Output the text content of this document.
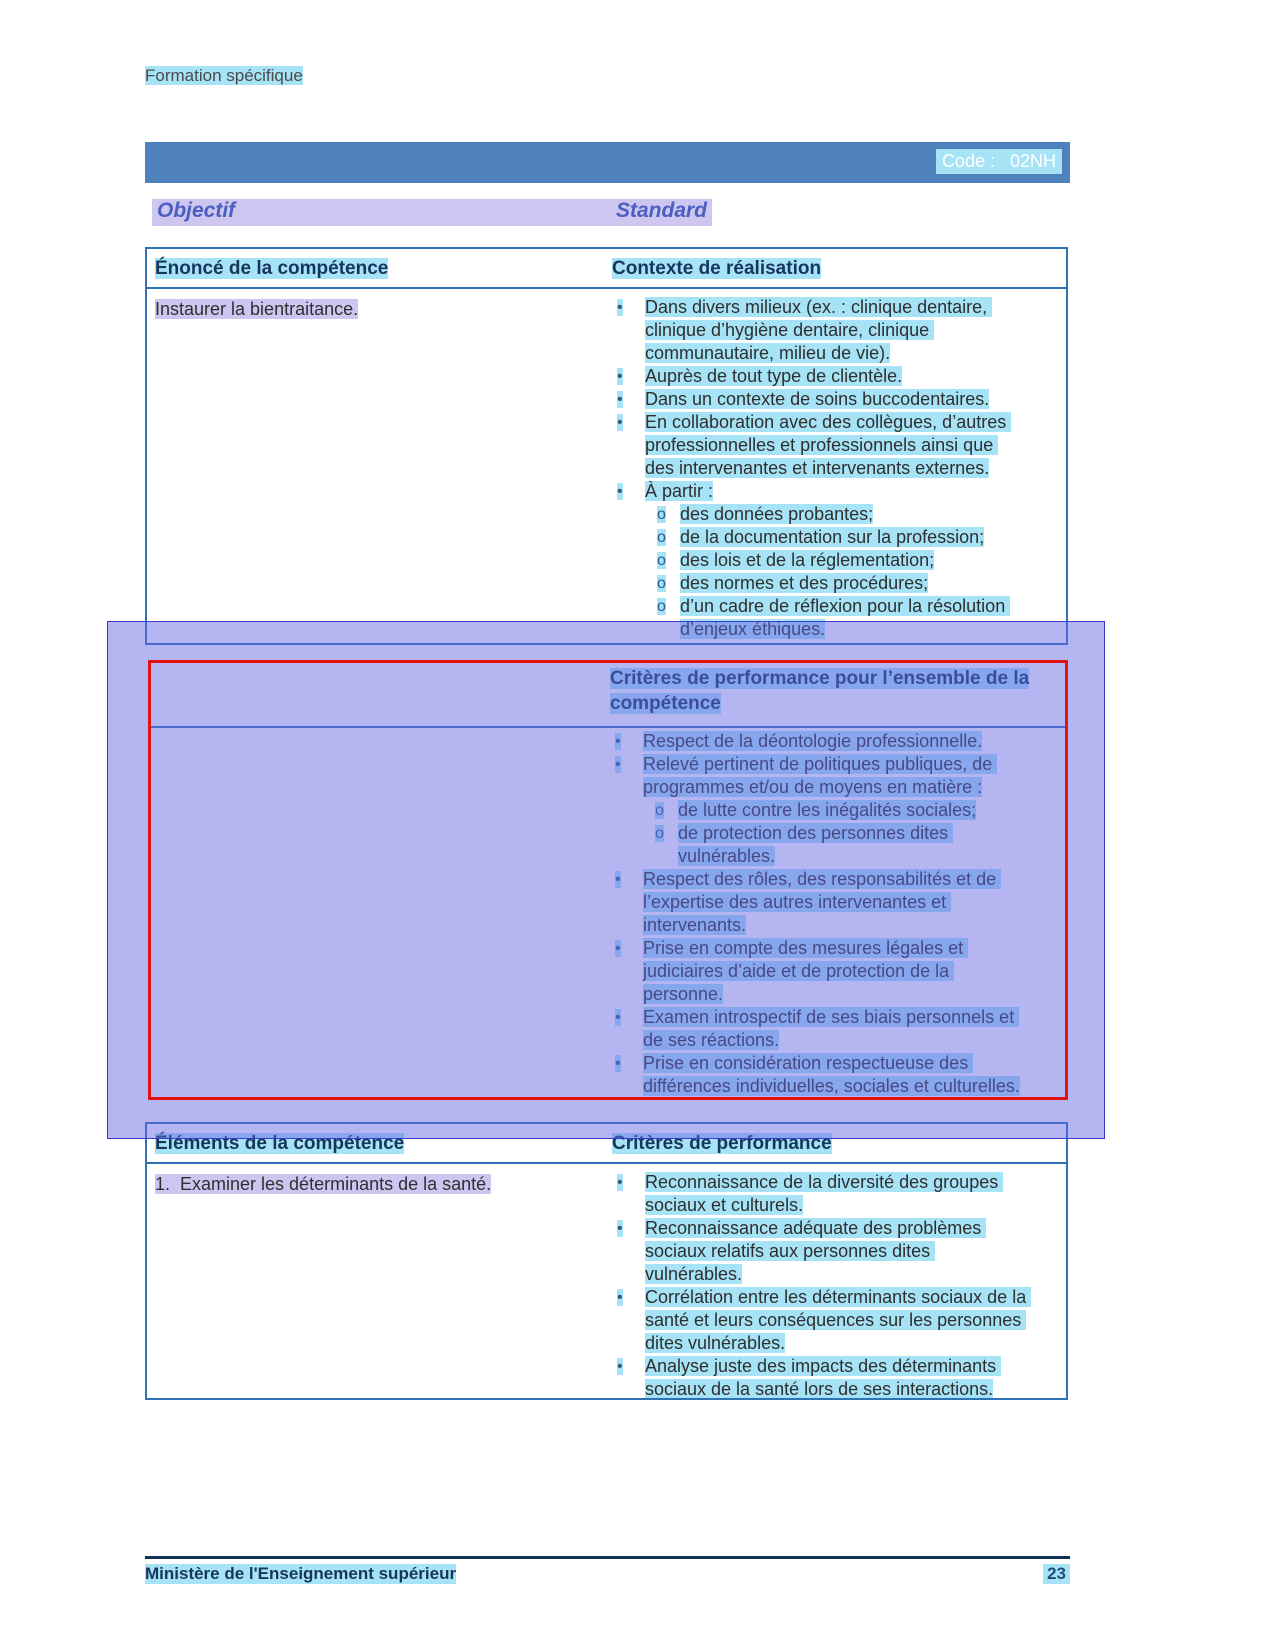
Formation spécifique
Code :   02NH
Objectif	Standard
Énoncé de la compétence	Contexte de réalisation
Instaurer la bientraitance.	•	Dans divers milieux (ex. : clinique dentaire, clinique d’hygiène dentaire, clinique communautaire, milieu de vie).
•	Auprès de tout type de clientèle.
•	Dans un contexte de soins buccodentaires.
•	En collaboration avec des collègues, d’autres professionnelles et professionnels ainsi que des intervenantes et intervenants externes.
•	À partir :
o des données probantes;
o de la documentation sur la profession;
o des lois et de la réglementation;
o des normes et des procédures;
o d’un cadre de réflexion pour la résolution d’enjeux éthiques.
Critères de performance pour l’ensemble de la compétence
•	Respect de la déontologie professionnelle.
•	Relevé pertinent de politiques publiques, de programmes et/ou de moyens en matière :
o de lutte contre les inégalités sociales;
o de protection des personnes dites vulnérables.
•	Respect des rôles, des responsabilités et de l’expertise des autres intervenantes et intervenants.
•	Prise en compte des mesures légales et judiciaires d’aide et de protection de la personne.
•	Examen introspectif de ses biais personnels et de ses réactions.
•	Prise en considération respectueuse des différences individuelles, sociales et culturelles.
Éléments de la compétence	Critères de performance
1.  Examiner les déterminants de la santé.	•	Reconnaissance de la diversité des groupes sociaux et culturels.
•	Reconnaissance adéquate des problèmes sociaux relatifs aux personnes dites vulnérables.
•	Corrélation entre les déterminants sociaux de la santé et leurs conséquences sur les personnes dites vulnérables.
•	Analyse juste des impacts des déterminants sociaux de la santé lors de ses interactions.
Ministère de l'Enseignement supérieur	23
